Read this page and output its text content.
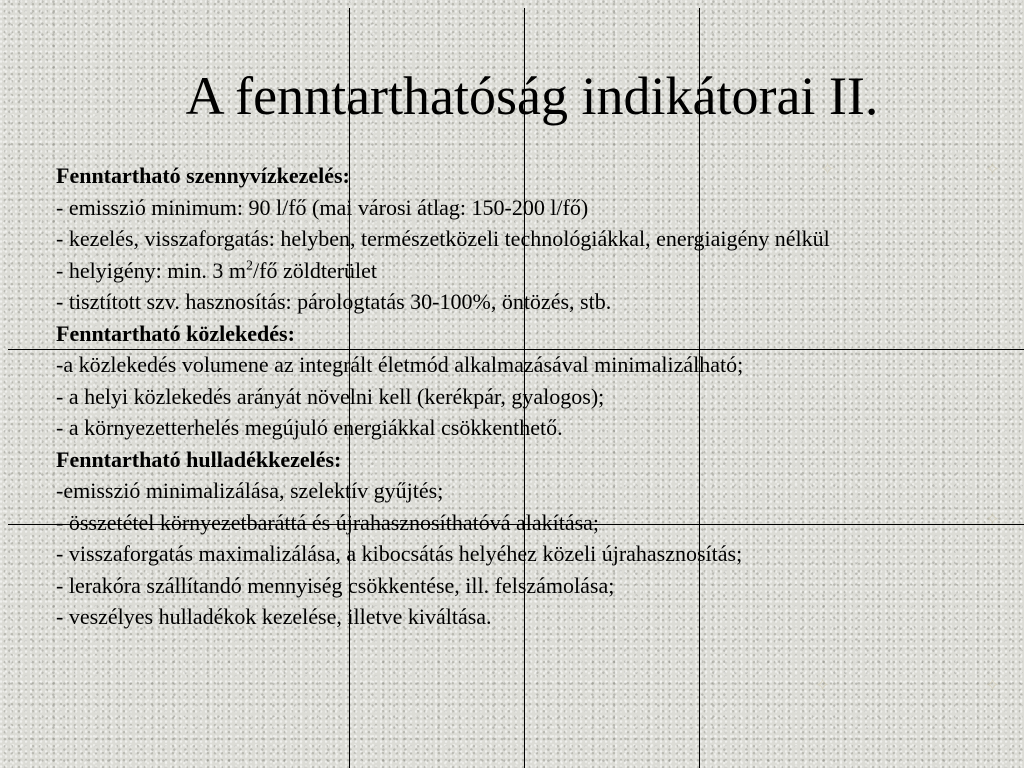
✧	✧
✧
✧	✧
A fenntarthatóság indikátorai II.
Fenntartható szennyvízkezelés:
- emisszió minimum: 90 l/fő (mai városi átlag: 150-200 l/fő)
- kezelés, visszaforgatás: helyben, természetközeli technológiákkal, energiaigény nélkül
- helyigény: min. 3 $m^2/fő$ zöldterület
- tisztított szv. hasznosítás: párologtatás 30-100%, öntözés, stb.
Fenntartható közlekedés:
-a közlekedés volumene az integrált életmód alkalmazásával minimalizálható;
- a helyi közlekedés arányát növelni kell (kerékpár, gyalogos);
- a környezetterhelés megújuló energiákkal csökkenthető.
Fenntartható hulladékkezelés:
-emisszió minimalizálása, szelektív gyűjtés;
- összetétel környezetbaráttá és újrahasznosíthatóvá alakítása;
- visszaforgatás maximalizálása, a kibocsátás helyéhez közeli újrahasznosítás;
- lerakóra szállítandó mennyiség csökkentése, ill. felszámolása;
- veszélyes hulladékok kezelése, illetve kiváltása.
